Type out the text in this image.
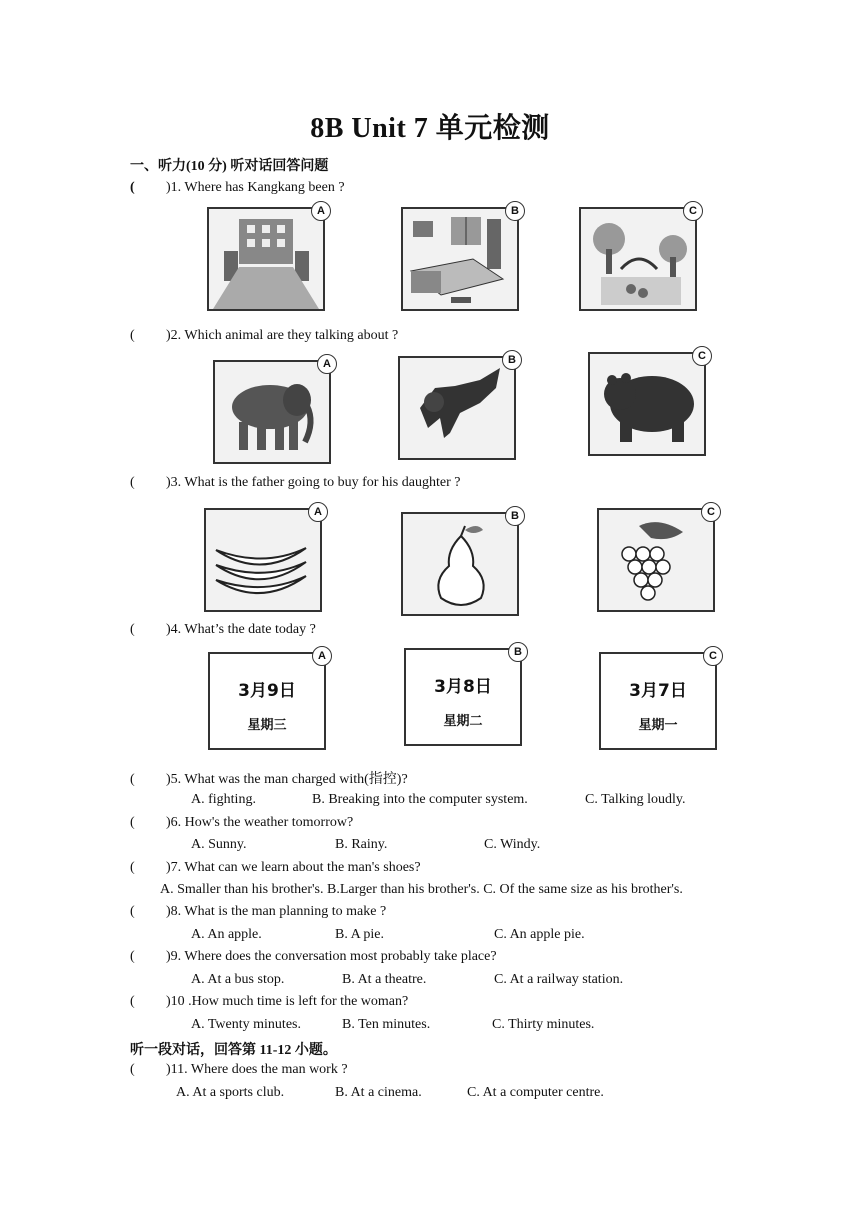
8B Unit 7 单元检测
一、听力(10 分) 听对话回答问题
( )1. Where has Kangkang been ?
A	B	C
( )2. Which animal are they talking about ?
A	B	C
( )3. What is the father going to buy for his daughter ?
A	B	C
( )4. What’s the date today ?
3月9日
星期三
A
3月8日
星期二
B
3月7日
星期一
C
( )5. What was the man charged with(指控)?
A. fighting.	B. Breaking into the computer system.	C. Talking loudly.
( )6. How's the weather tomorrow?
A. Sunny.	B. Rainy.	C. Windy.
( )7. What can we learn about the man's shoes?
A. Smaller than his brother's. B.Larger than his brother's. C. Of the same size as his brother's.
( )8. What is the man planning to make ?
A. An apple.	B. A pie.	C. An apple pie.
( )9. Where does the conversation most probably take place?
A. At a bus stop.	B. At a theatre.	C. At a railway station.
( )10 .How much time is left for the woman?
A. Twenty minutes.	B. Ten minutes.	C. Thirty minutes.
听一段对话，回答第 11-12 小题。
( )11. Where does the man work ?
A. At a sports club.	B. At a cinema.	C. At a computer centre.
